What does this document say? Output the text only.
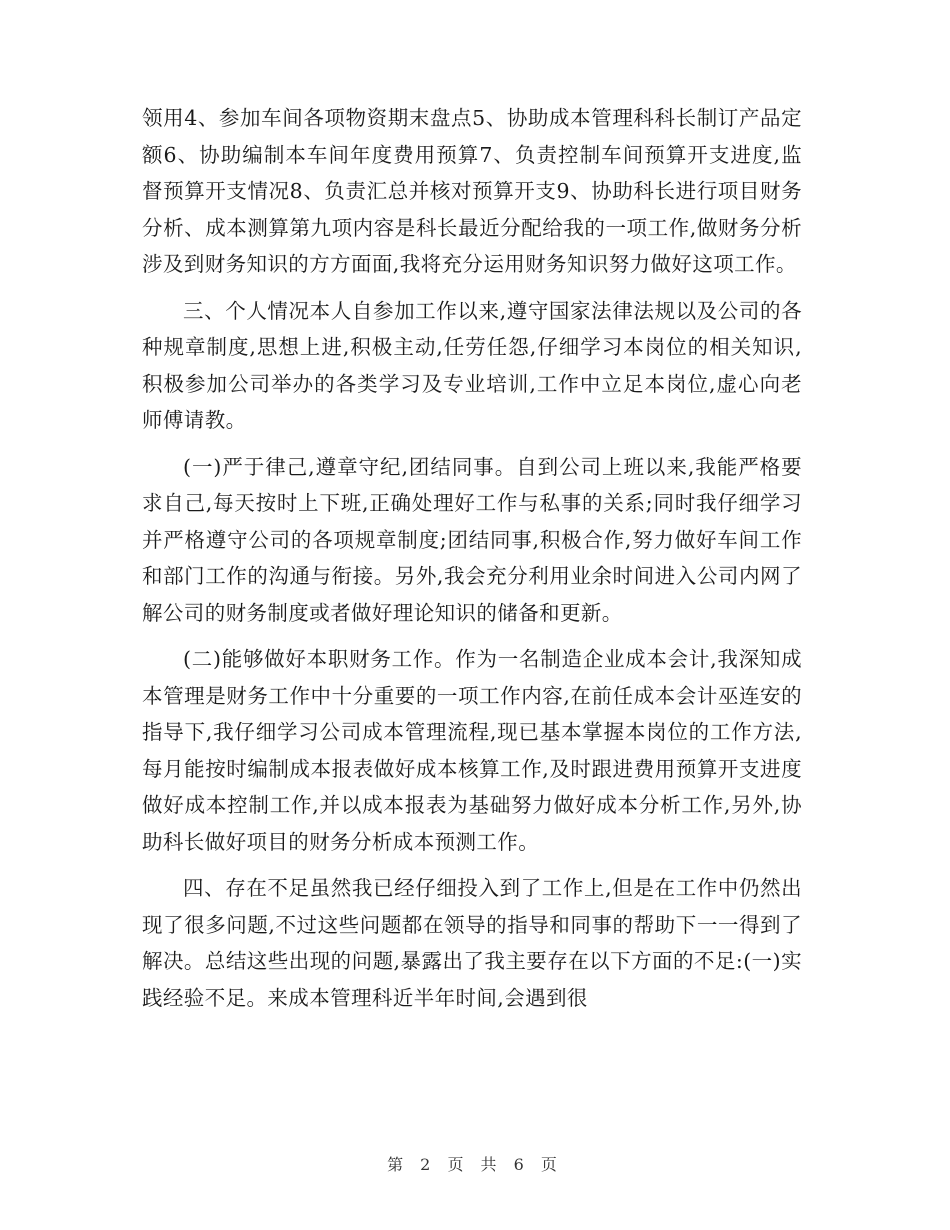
领用4、参加车间各项物资期末盘点5、协助成本管理科科长制订产品定额6、协助编制本车间年度费用预算7、负责控制车间预算开支进度,监督预算开支情况8、负责汇总并核对预算开支9、协助科长进行项目财务分析、成本测算第九项内容是科长最近分配给我的一项工作,做财务分析涉及到财务知识的方方面面,我将充分运用财务知识努力做好这项工作。

三、个人情况本人自参加工作以来,遵守国家法律法规以及公司的各种规章制度,思想上进,积极主动,任劳任怨,仔细学习本岗位的相关知识,积极参加公司举办的各类学习及专业培训,工作中立足本岗位,虚心向老师傅请教。

(一)严于律己,遵章守纪,团结同事。自到公司上班以来,我能严格要求自己,每天按时上下班,正确处理好工作与私事的关系;同时我仔细学习并严格遵守公司的各项规章制度;团结同事,积极合作,努力做好车间工作和部门工作的沟通与衔接。另外,我会充分利用业余时间进入公司内网了解公司的财务制度或者做好理论知识的储备和更新。

(二)能够做好本职财务工作。作为一名制造企业成本会计,我深知成本管理是财务工作中十分重要的一项工作内容,在前任成本会计巫连安的指导下,我仔细学习公司成本管理流程,现已基本掌握本岗位的工作方法,每月能按时编制成本报表做好成本核算工作,及时跟进费用预算开支进度做好成本控制工作,并以成本报表为基础努力做好成本分析工作,另外,协助科长做好项目的财务分析成本预测工作。

四、存在不足虽然我已经仔细投入到了工作上,但是在工作中仍然出现了很多问题,不过这些问题都在领导的指导和同事的帮助下一一得到了解决。总结这些出现的问题,暴露出了我主要存在以下方面的不足:(一)实践经验不足。来成本管理科近半年时间,会遇到很

第 2 页 共 6 页
